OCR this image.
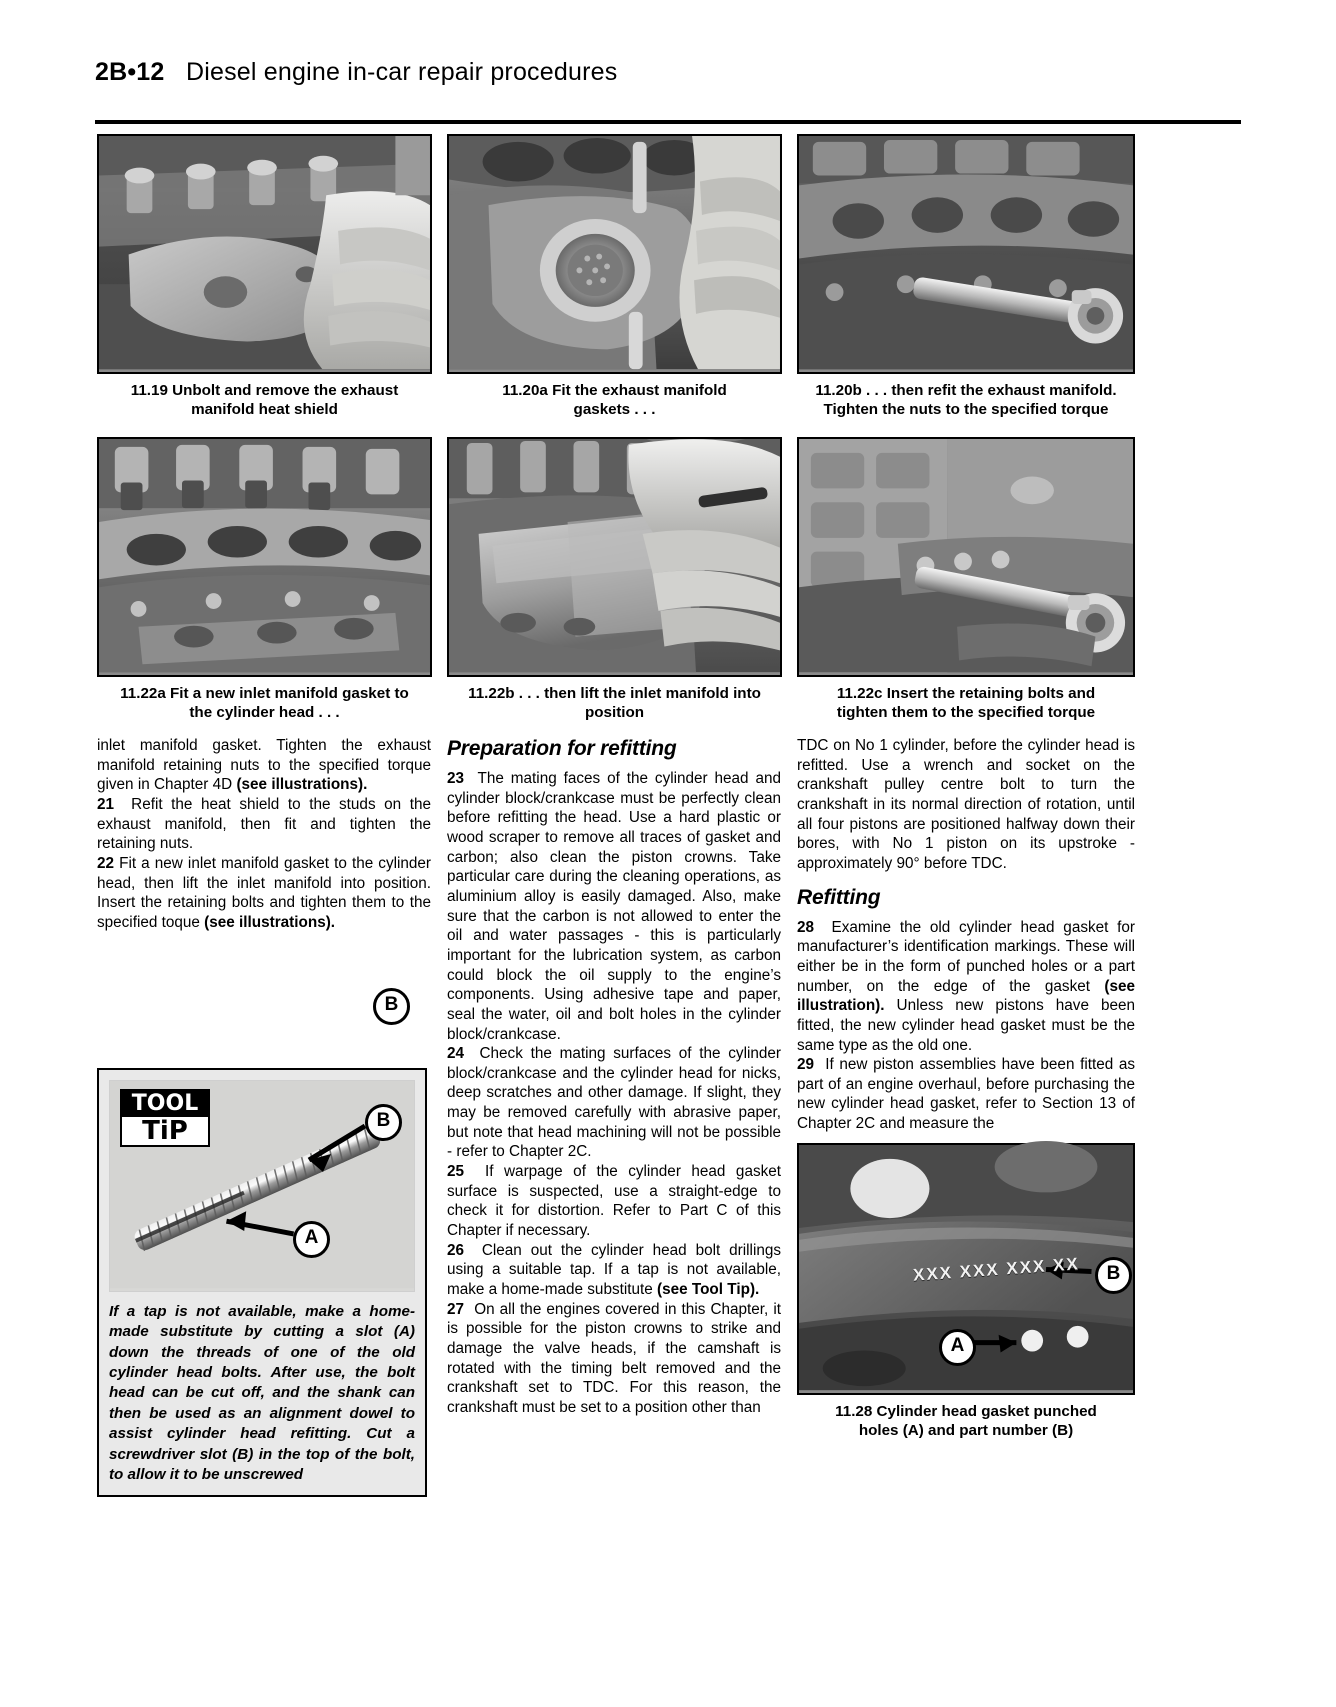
2B•12 Diesel engine in-car repair procedures
11.19 Unbolt and remove the exhaust
manifold heat shield
11.20a Fit the exhaust manifold
gaskets . . .
11.20b . . . then refit the exhaust manifold.
Tighten the nuts to the specified torque
11.22a Fit a new inlet manifold gasket to
the cylinder head . . .
11.22b . . . then lift the inlet manifold into
position
11.22c Insert the retaining bolts and
tighten them to the specified torque

inlet manifold gasket. Tighten the exhaust manifold retaining nuts to the specified torque given in Chapter 4D (see illustrations).

21 Refit the heat shield to the studs on the exhaust manifold, then fit and tighten the retaining nuts.

22 Fit a new inlet manifold gasket to the cylinder head, then lift the inlet manifold into position. Insert the retaining bolts and tighten them to the specified toque (see illustrations).

TOOL
TiP
A
B
If a tap is not available, make a home-made substitute by cutting a slot (A) down the threads of one of the old cylinder head bolts. After use, the bolt head can be cut off, and the shank can then be used as an alignment dowel to assist cylinder head refitting. Cut a screwdriver slot (B) in the top of the bolt, to allow it to be unscrewed
B
Preparation for refitting

23 The mating faces of the cylinder head and cylinder block/crankcase must be perfectly clean before refitting the head. Use a hard plastic or wood scraper to remove all traces of gasket and carbon; also clean the piston crowns. Take particular care during the cleaning operations, as aluminium alloy is easily damaged. Also, make sure that the carbon is not allowed to enter the oil and water passages - this is particularly important for the lubrication system, as carbon could block the oil supply to the engine’s components. Using adhesive tape and paper, seal the water, oil and bolt holes in the cylinder block/crankcase.

24 Check the mating surfaces of the cylinder block/crankcase and the cylinder head for nicks, deep scratches and other damage. If slight, they may be removed carefully with abrasive paper, but note that head machining will not be possible - refer to Chapter 2C.

25 If warpage of the cylinder head gasket surface is suspected, use a straight-edge to check it for distortion. Refer to Part C of this Chapter if necessary.

26 Clean out the cylinder head bolt drillings using a suitable tap. If a tap is not available, make a home-made substitute (see Tool Tip).

27 On all the engines covered in this Chapter, it is possible for the piston crowns to strike and damage the valve heads, if the camshaft is rotated with the timing belt removed and the crankshaft set to TDC. For this reason, the crankshaft must be set to a position other than

TDC on No 1 cylinder, before the cylinder head is refitted. Use a wrench and socket on the crankshaft pulley centre bolt to turn the crankshaft in its normal direction of rotation, until all four pistons are positioned halfway down their bores, with No 1 piston on its upstroke - approximately 90° before TDC.

Refitting

28 Examine the old cylinder head gasket for manufacturer’s identification markings. These will either be in the form of punched holes or a part number, on the edge of the gasket (see illustration). Unless new pistons have been fitted, the new cylinder head gasket must be the same type as the old one.

29 If new piston assemblies have been fitted as part of an engine overhaul, before purchasing the new cylinder head gasket, refer to Section 13 of Chapter 2C and measure the

XXX XXX XXX XX	B
A
11.28 Cylinder head gasket punched
holes (A) and part number (B)
